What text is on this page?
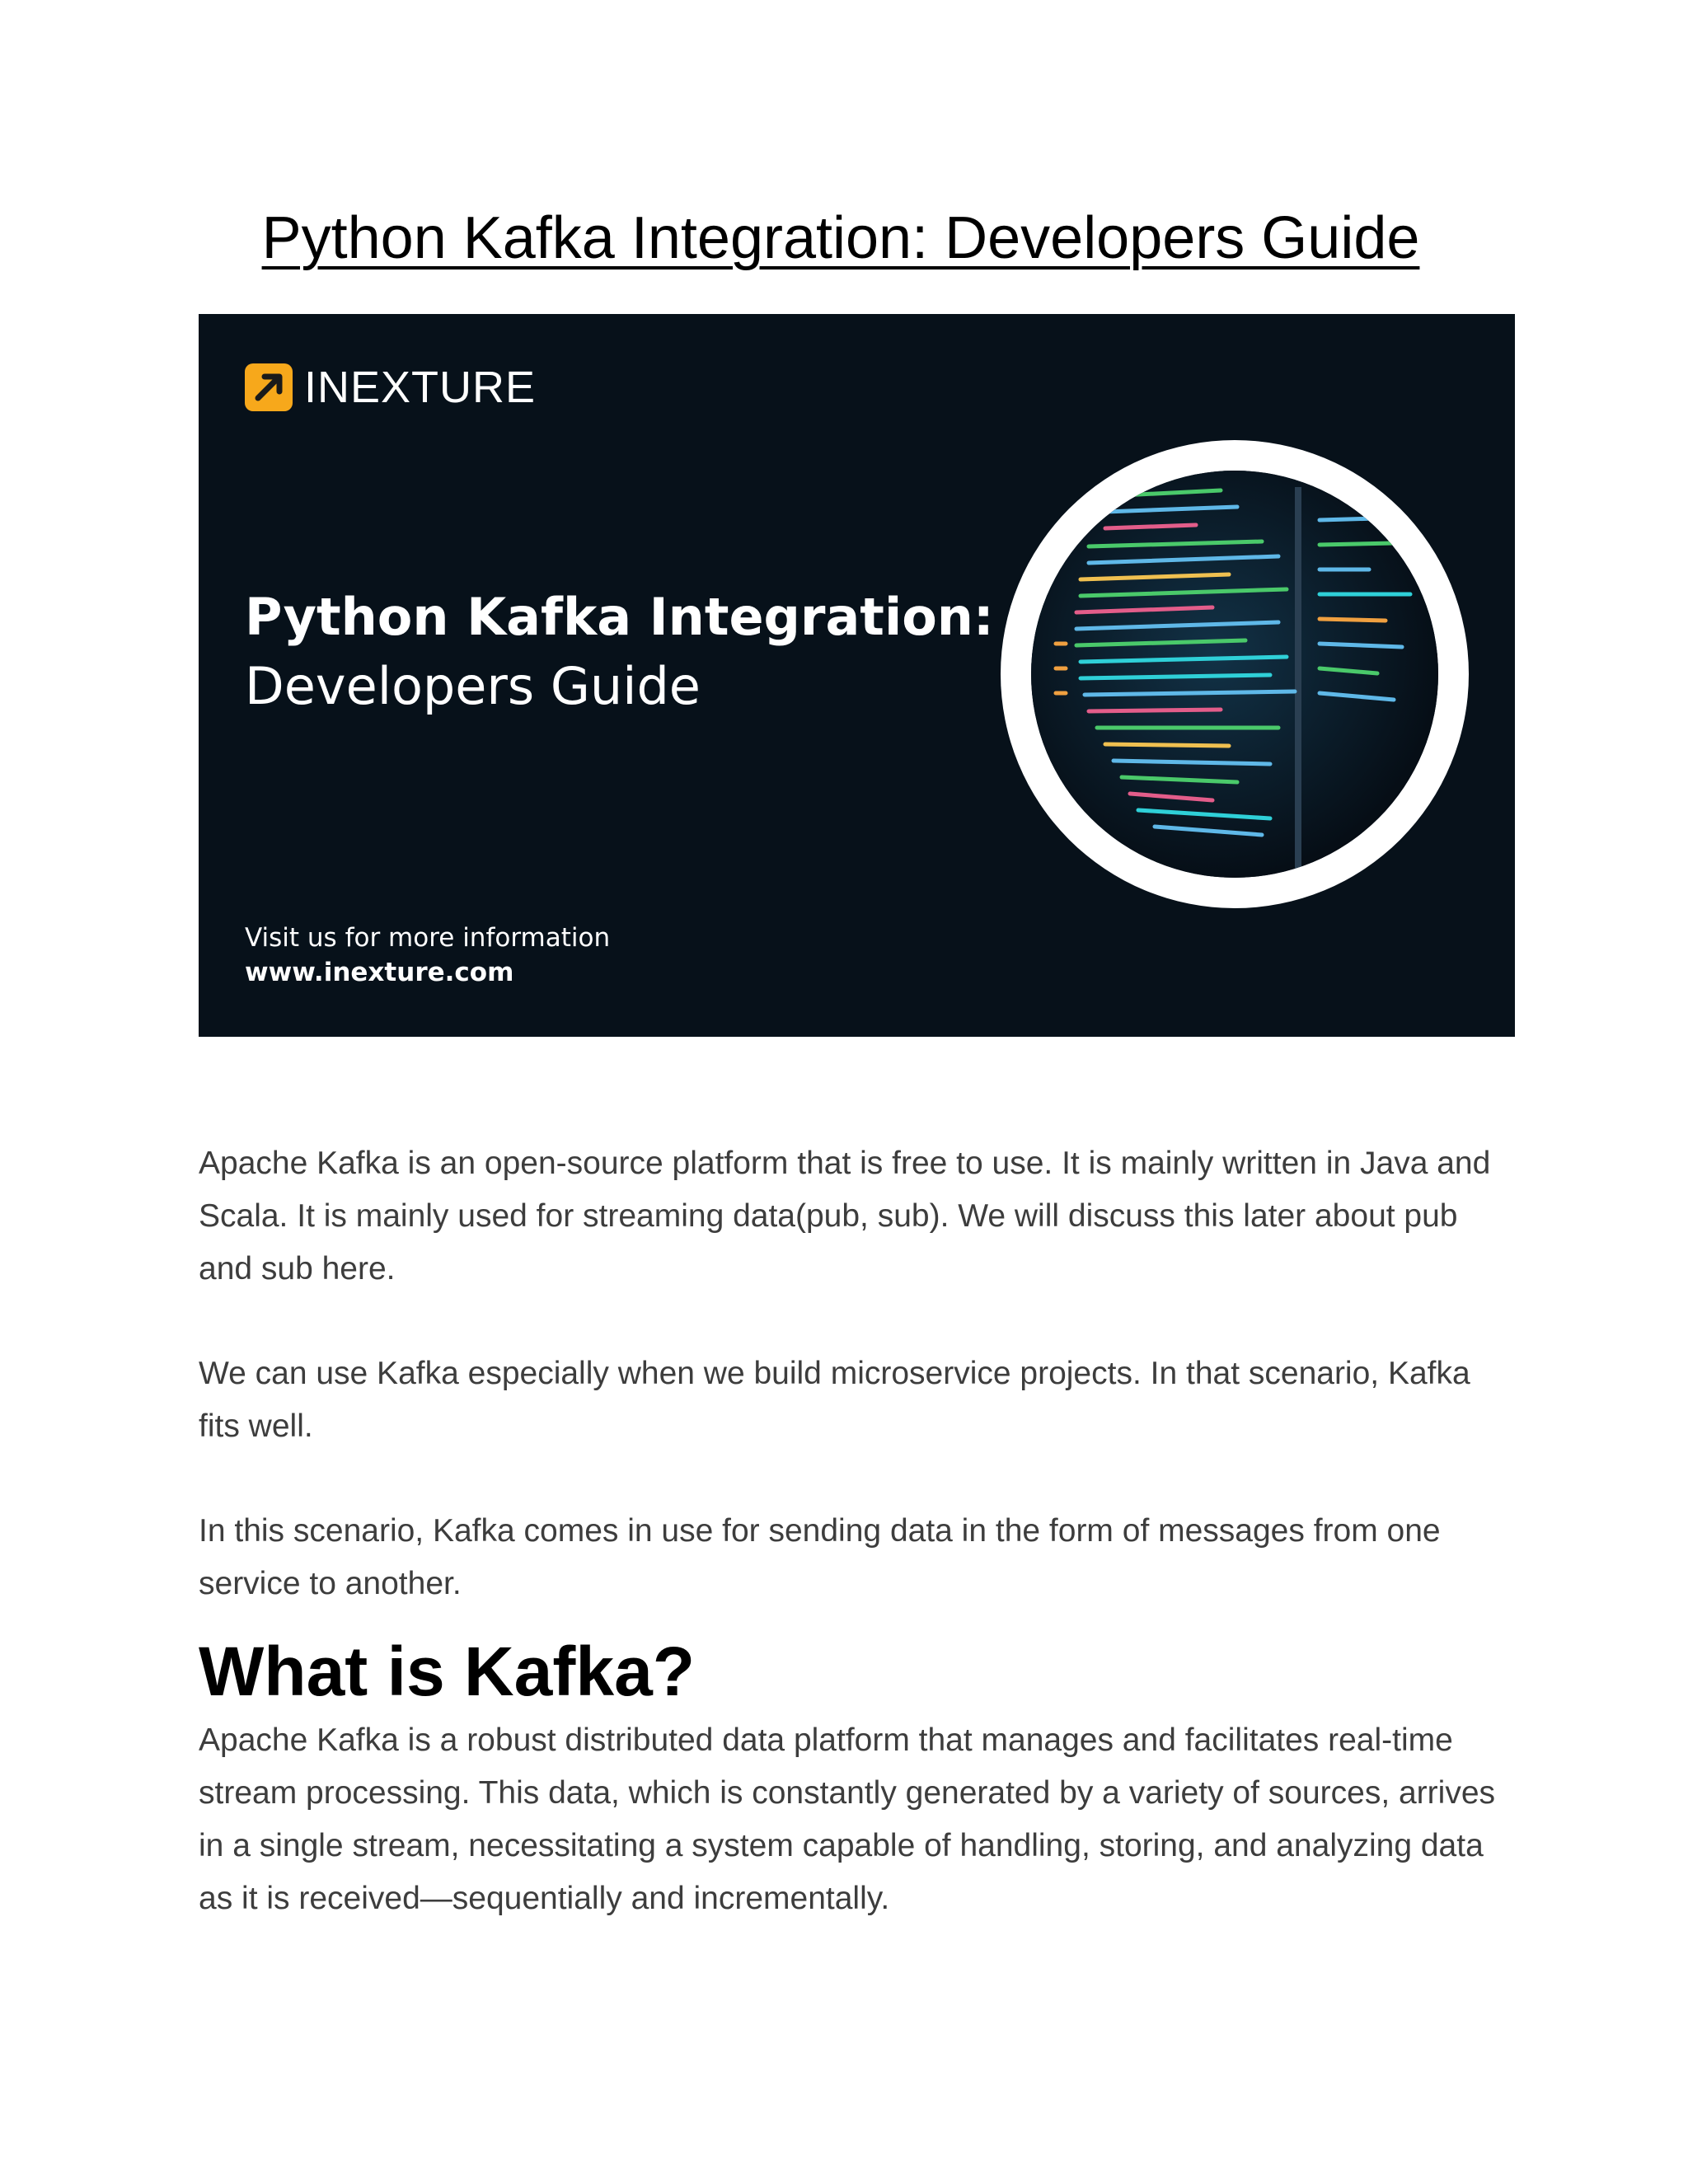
Python Kafka Integration: Developers Guide
INEXTURE
Python Kafka Integration:
Developers Guide
Visit us for more information
www.inexture.com

Apache Kafka is an open-source platform that is free to use. It is mainly written in Java and Scala. It is mainly used for streaming data(pub, sub). We will discuss this later about pub and sub here.

We can use Kafka especially when we build microservice projects. In that scenario, Kafka fits well.

In this scenario, Kafka comes in use for sending data in the form of messages from one service to another.

What is Kafka?

Apache Kafka is a robust distributed data platform that manages and facilitates real-time stream processing. This data, which is constantly generated by a variety of sources, arrives in a single stream, necessitating a system capable of handling, storing, and analyzing data as it is received—sequentially and incrementally.
